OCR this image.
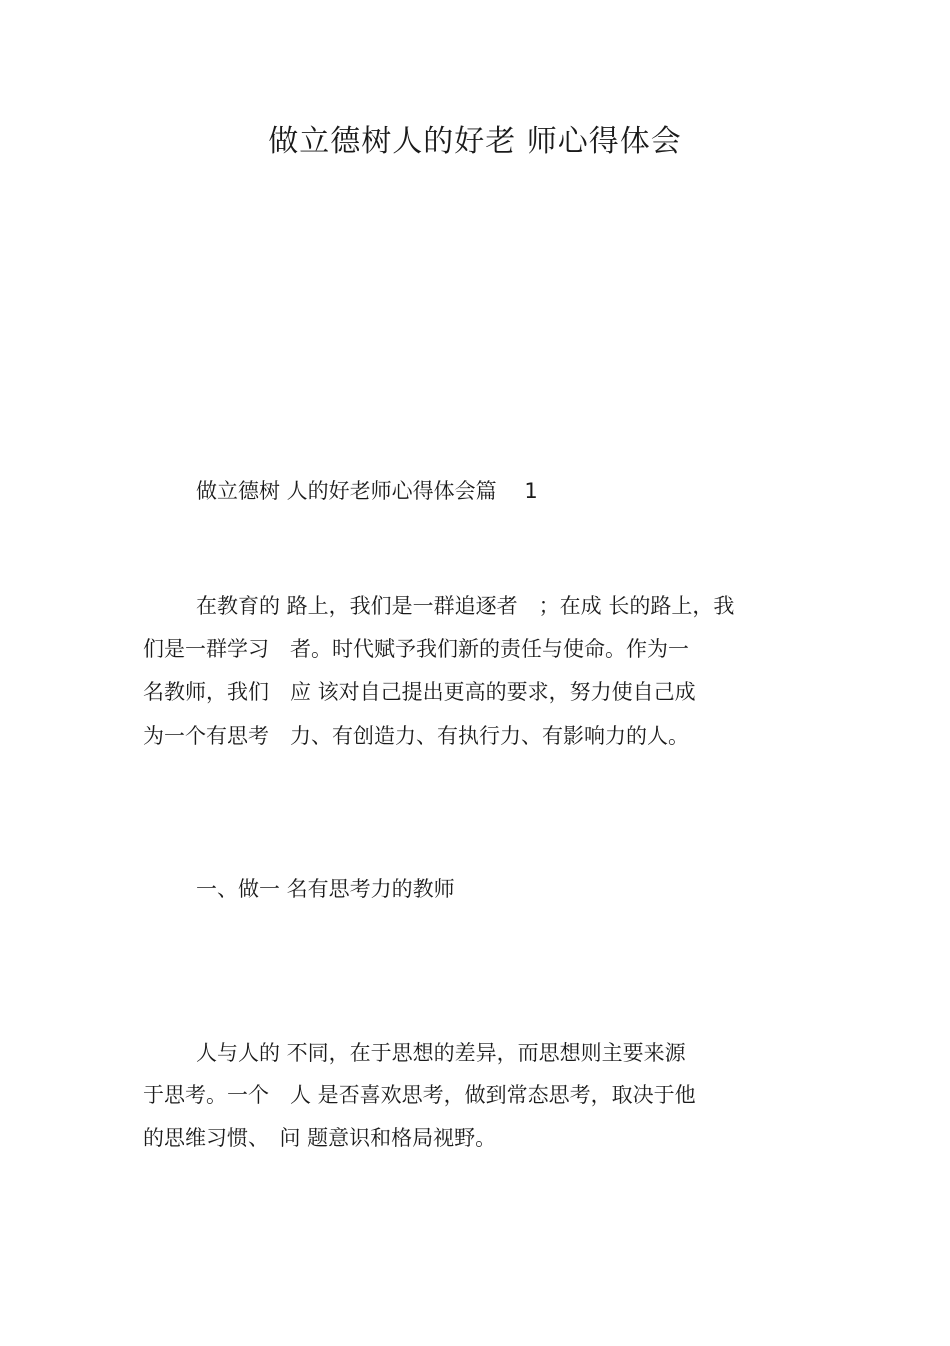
做立德树人的好老 师心得体会
做立德树 人的好老师心得体会篇　 1
在教育的 路上，我们是一群追逐者　；在成 长的路上，我
们是一群学习　者。时代赋予我们新的责任与使命。作为一
名教师，我们　应 该对自己提出更高的要求，努力使自己成
为一个有思考　力、有创造力、有执行力、有影响力的人。
一、做一 名有思考力的教师
人与人的 不同，在于思想的差异，而思想则主要来源
于思考。一个　人 是否喜欢思考，做到常态思考，取决于他
的思维习惯、　问 题意识和格局视野。
